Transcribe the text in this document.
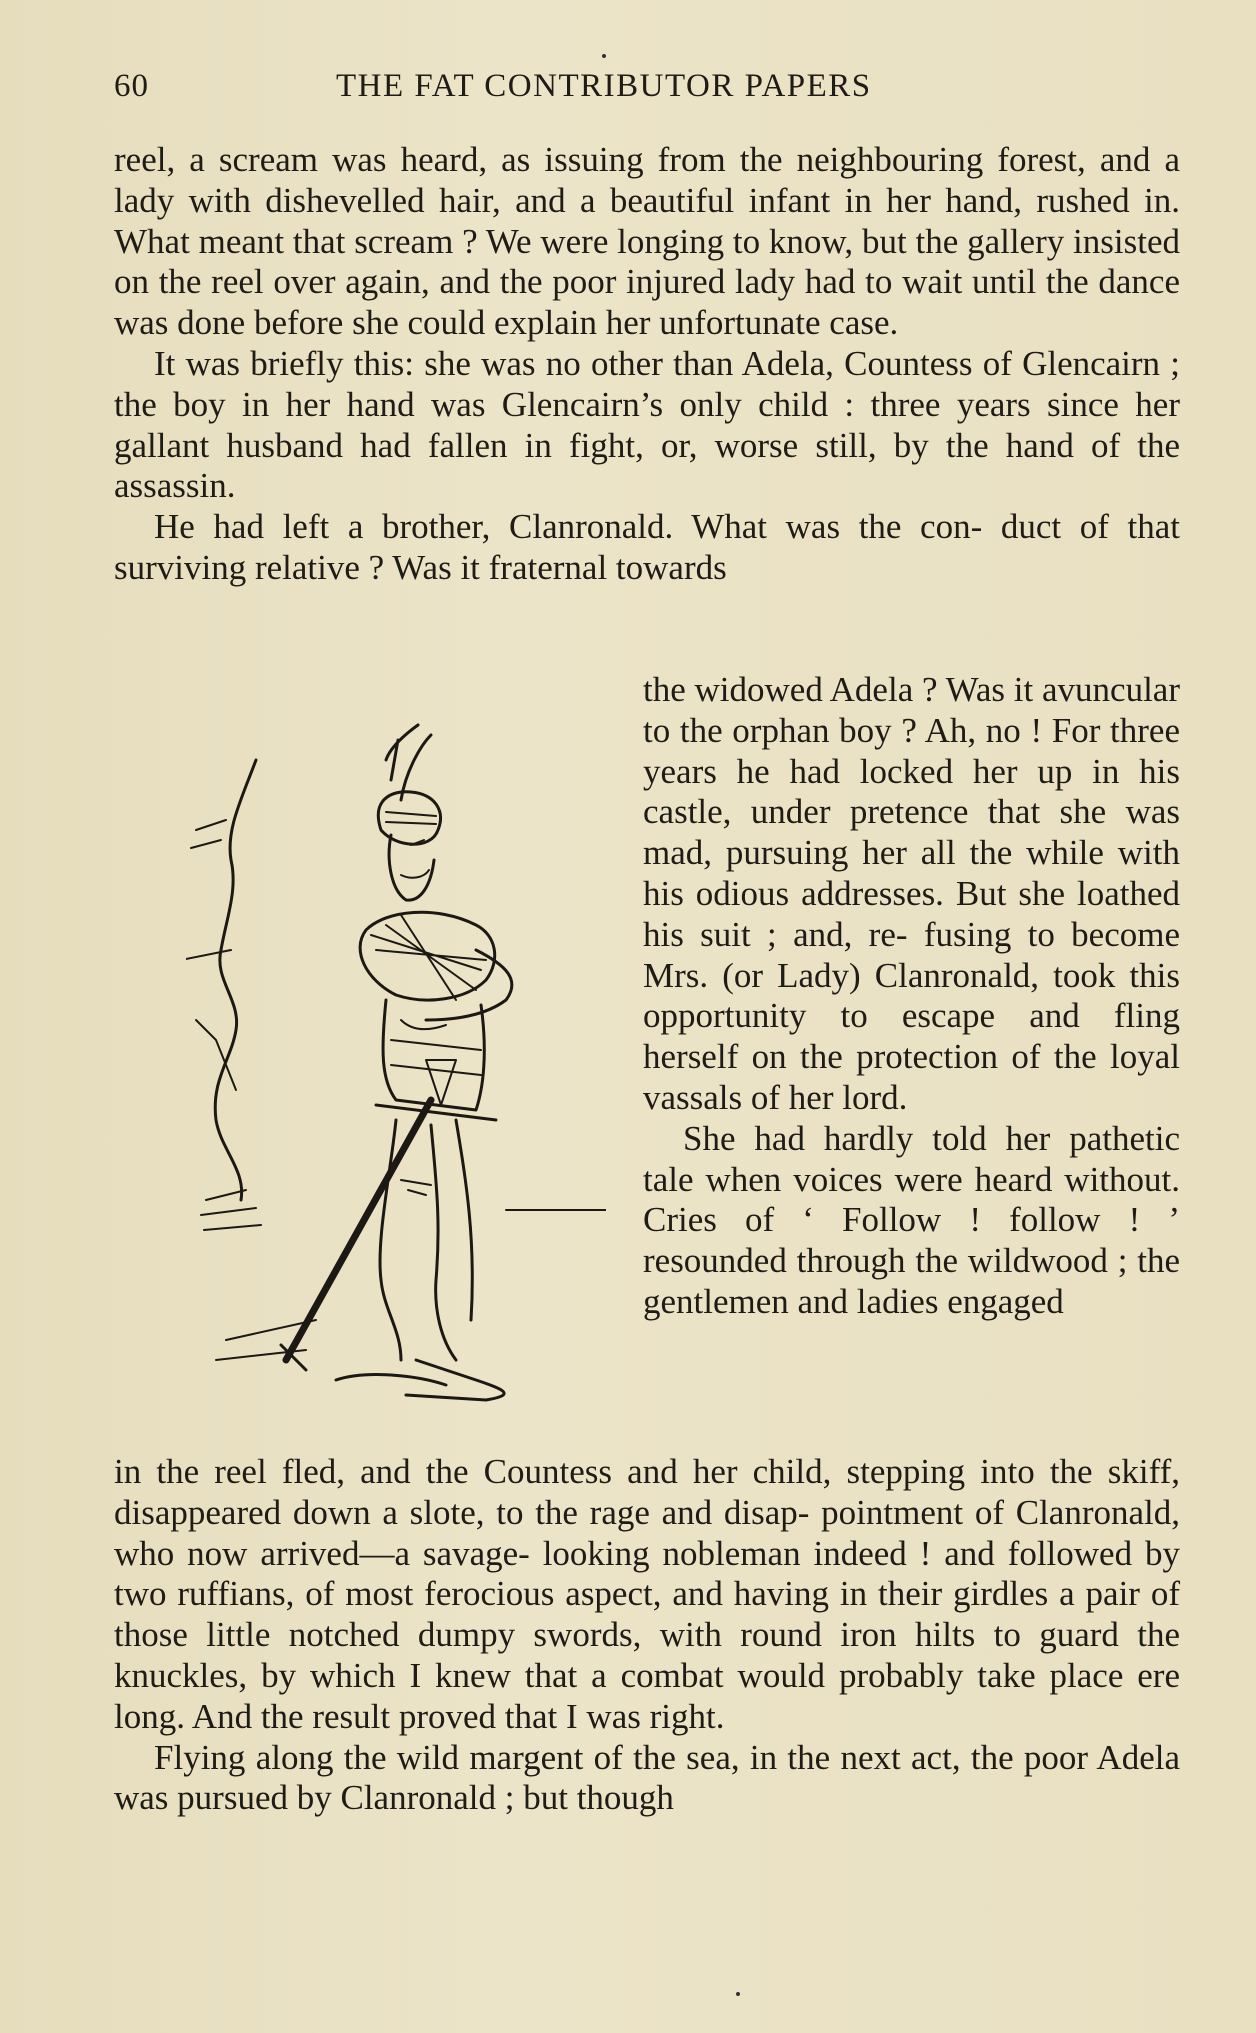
60	THE FAT CONTRIBUTOR PAPERS

reel, a scream was heard, as issuing from the neighbouring forest, and a lady with dishevelled hair, and a beautiful infant in her hand, rushed in. What meant that scream ? We were longing to know, but the gallery insisted on the reel over again, and the poor injured lady had to wait until the dance was done before she could explain her unfortunate case.

It was briefly this: she was no other than Adela, Countess of Glencairn ; the boy in her hand was Glencairn’s only child : three years since her gallant husband had fallen in fight, or, worse still, by the hand of the assassin.

He had left a brother, Clanronald. What was the con- duct of that surviving relative ? Was it fraternal towards

the widowed Adela ? Was it avuncular to the orphan boy ? Ah, no ! For three years he had locked her up in his castle, under pretence that she was mad, pursuing her all the while with his odious addresses. But she loathed his suit ; and, re- fusing to become Mrs. (or Lady) Clanronald, took this opportunity to escape and fling herself on the protection of the loyal vassals of her lord.

She had hardly told her pathetic tale when voices were heard without. Cries of ‘ Follow ! follow ! ’ resounded through the wildwood ; the gentlemen and ladies engaged

in the reel fled, and the Countess and her child, stepping into the skiff, disappeared down a slote, to the rage and disap- pointment of Clanronald, who now arrived—a savage- looking nobleman indeed ! and followed by two ruffians, of most ferocious aspect, and having in their girdles a pair of those little notched dumpy swords, with round iron hilts to guard the knuckles, by which I knew that a combat would probably take place ere long. And the result proved that I was right.

Flying along the wild margent of the sea, in the next act, the poor Adela was pursued by Clanronald ; but though
